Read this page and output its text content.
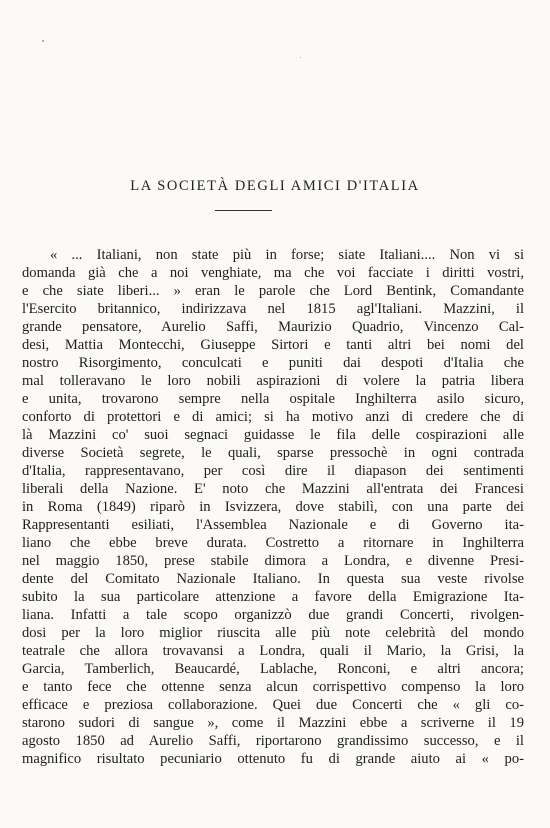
LA SOCIETÀ DEGLI AMICI D'ITALIA
« ... Italiani, non state più in forse; siate Italiani.... Non vi si
domanda già che a noi venghiate, ma che voi facciate i diritti vostri,
e che siate liberi... » eran le parole che Lord Bentink, Comandante
l'Esercito britannico, indirizzava nel 1815 agl'Italiani. Mazzini, il
grande pensatore, Aurelio Saffi, Maurizio Quadrio, Vincenzo Cal-
desi, Mattia Montecchi, Giuseppe Sirtori e tanti altri bei nomi del
nostro Risorgimento, conculcati e puniti dai despoti d'Italia che
mal tolleravano le loro nobili aspirazioni di volere la patria libera
e unita, trovarono sempre nella ospitale Inghilterra asilo sicuro,
conforto di protettori e di amici; si ha motivo anzi di credere che di
là Mazzini co' suoi segnaci guidasse le fila delle cospirazioni alle
diverse Società segrete, le quali, sparse pressochè in ogni contrada
d'Italia, rappresentavano, per così dire il diapason dei sentimenti
liberali della Nazione. E' noto che Mazzini all'entrata dei Francesi
in Roma (1849) riparò in Isvizzera, dove stabilì, con una parte dei
Rappresentanti esiliati, l'Assemblea Nazionale e di Governo ita-
liano che ebbe breve durata. Costretto a ritornare in Inghilterra
nel maggio 1850, prese stabile dimora a Londra, e divenne Presi-
dente del Comitato Nazionale Italiano. In questa sua veste rivolse
subito la sua particolare attenzione a favore della Emigrazione Ita-
liana. Infatti a tale scopo organizzò due grandi Concerti, rivolgen-
dosi per la loro miglior riuscita alle più note celebrità del mondo
teatrale che allora trovavansi a Londra, quali il Mario, la Grisi, la
Garcia, Tamberlich, Beaucardé, Lablache, Ronconi, e altri ancora;
e tanto fece che ottenne senza alcun corrispettivo compenso la loro
efficace e preziosa collaborazione. Quei due Concerti che « gli co-
starono sudori di sangue », come il Mazzini ebbe a scriverne il 19
agosto 1850 ad Aurelio Saffi, riportarono grandissimo successo, e il
magnifico risultato pecuniario ottenuto fu di grande aiuto ai « po-
